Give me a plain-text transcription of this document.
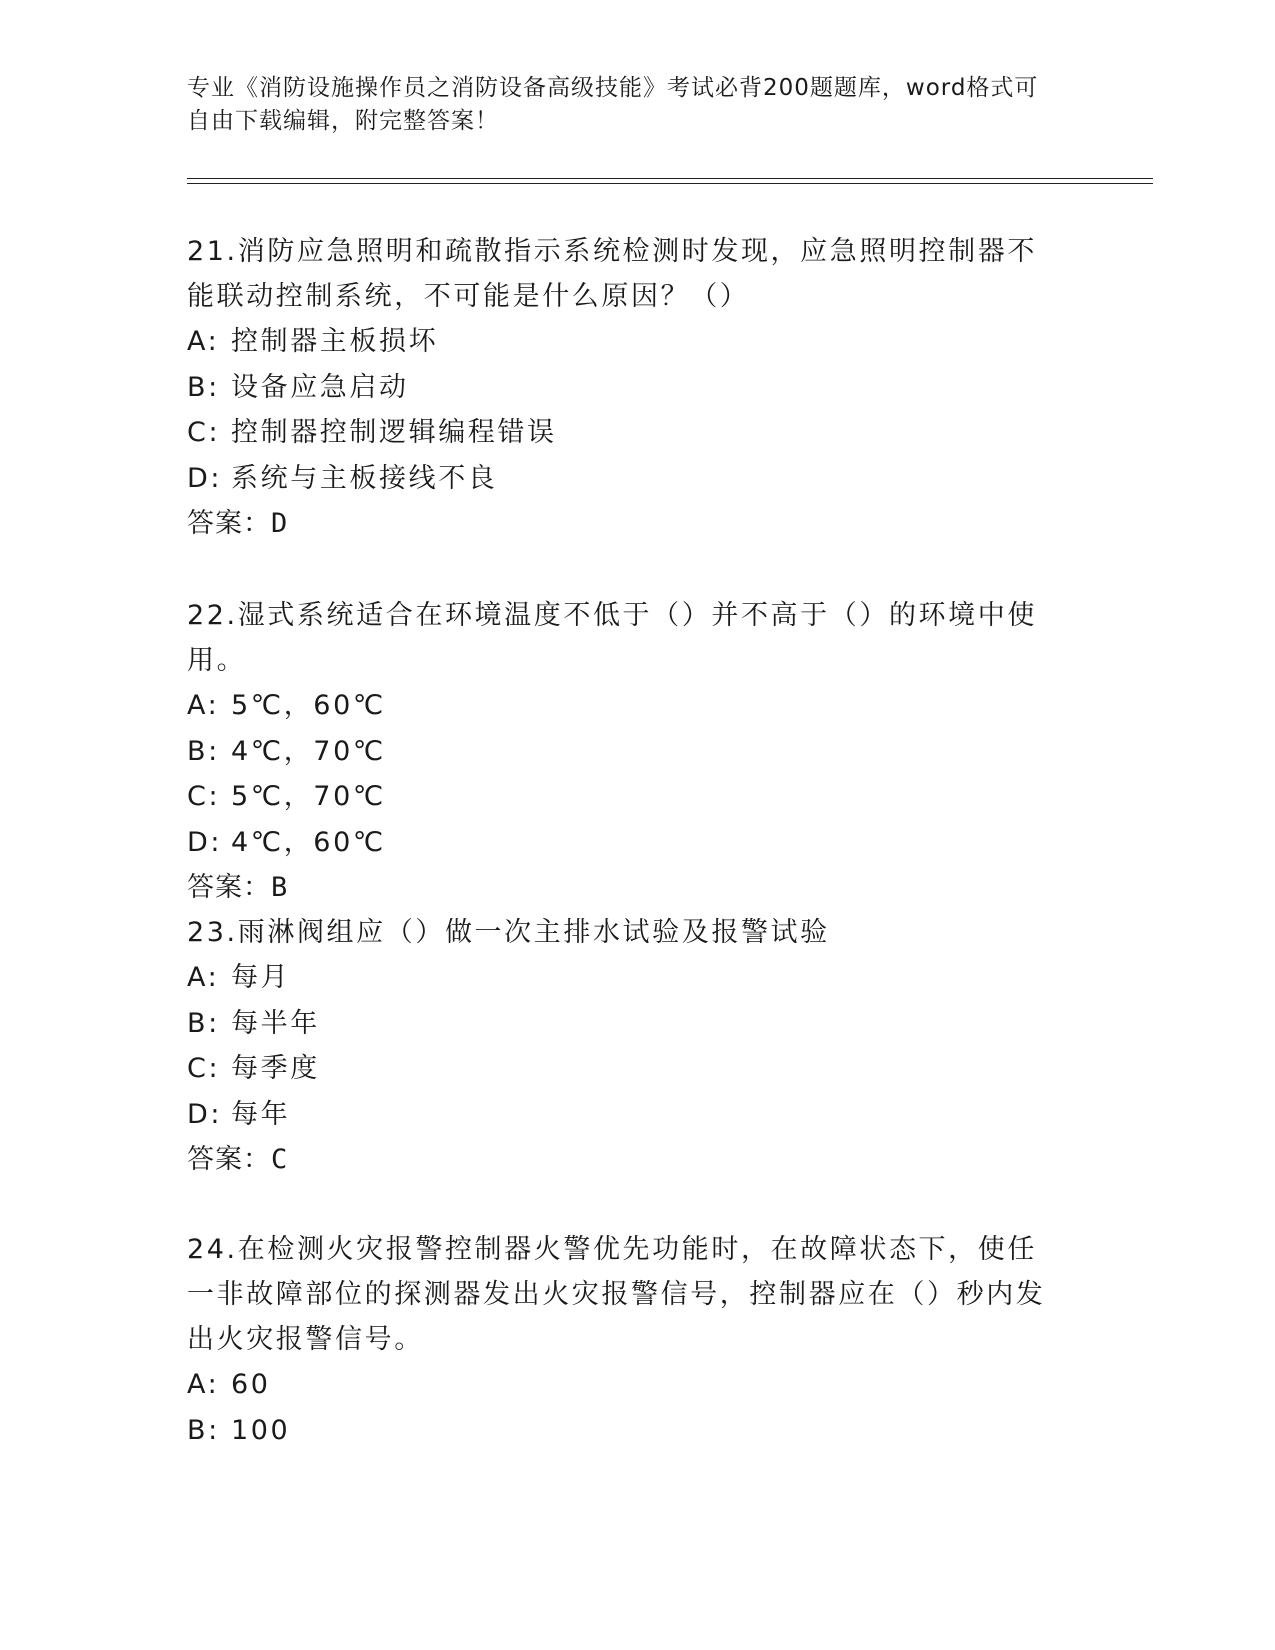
专业《消防设施操作员之消防设备高级技能》考试必背200题题库，word格式可
自由下载编辑，附完整答案！

21.消防应急照明和疏散指示系统检测时发现，应急照明控制器不能联动控制系统，不可能是什么原因？（）

A: 控制器主板损坏
B: 设备应急启动
C: 控制器控制逻辑编程错误
D: 系统与主板接线不良
答案：D

22.湿式系统适合在环境温度不低于（）并不高于（）的环境中使用。

A: 5℃，60℃
B: 4℃，70℃
C: 5℃，70℃
D: 4℃，60℃
答案：B

23.雨淋阀组应（）做一次主排水试验及报警试验

A: 每月
B: 每半年
C: 每季度
D: 每年
答案：C

24.在检测火灾报警控制器火警优先功能时，在故障状态下，使任一非故障部位的探测器发出火灾报警信号，控制器应在（）秒内发出火灾报警信号。

A: 60
B: 100
